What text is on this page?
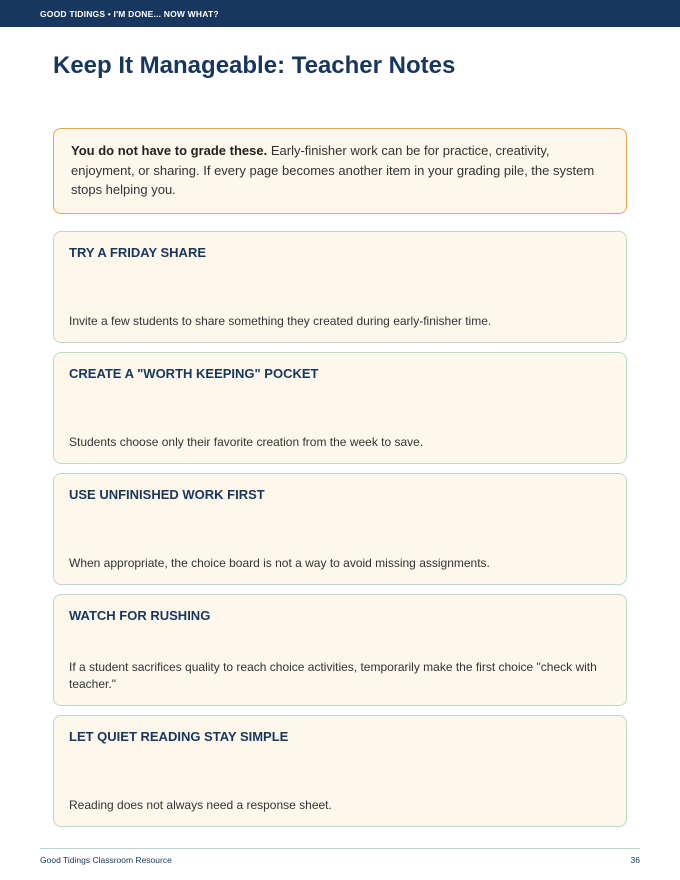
GOOD TIDINGS • I'M DONE... NOW WHAT?
Keep It Manageable: Teacher Notes
You do not have to grade these. Early-finisher work can be for practice, creativity, enjoyment, or sharing. If every page becomes another item in your grading pile, the system stops helping you.
TRY A FRIDAY SHARE
Invite a few students to share something they created during early-finisher time.
CREATE A "WORTH KEEPING" POCKET
Students choose only their favorite creation from the week to save.
USE UNFINISHED WORK FIRST
When appropriate, the choice board is not a way to avoid missing assignments.
WATCH FOR RUSHING
If a student sacrifices quality to reach choice activities, temporarily make the first choice "check with teacher."
LET QUIET READING STAY SIMPLE
Reading does not always need a response sheet.
Good Tidings Classroom Resource	36
